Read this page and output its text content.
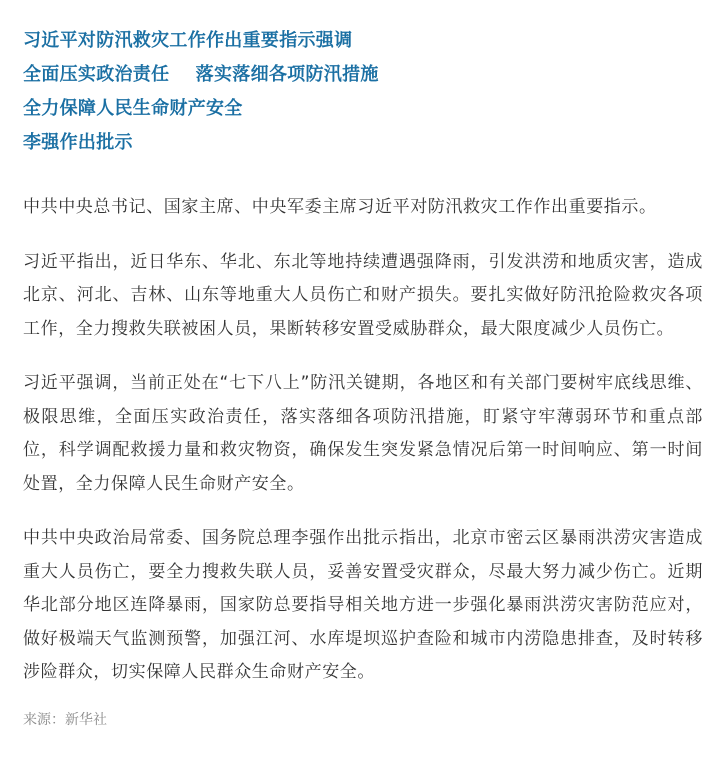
习近平对防汛救灾工作作出重要指示强调
全面压实政治责任    落实落细各项防汛措施
全力保障人民生命财产安全
李强作出批示

中共中央总书记、国家主席、中央军委主席习近平对防汛救灾工作作出重要指示。

习近平指出，近日华东、华北、东北等地持续遭遇强降雨，引发洪涝和地质灾害，造成北京、河北、吉林、山东等地重大人员伤亡和财产损失。要扎实做好防汛抢险救灾各项工作，全力搜救失联被困人员，果断转移安置受威胁群众，最大限度减少人员伤亡。

习近平强调，当前正处在“七下八上”防汛关键期，各地区和有关部门要树牢底线思维、极限思维，全面压实政治责任，落实落细各项防汛措施，盯紧守牢薄弱环节和重点部位，科学调配救援力量和救灾物资，确保发生突发紧急情况后第一时间响应、第一时间处置，全力保障人民生命财产安全。

中共中央政治局常委、国务院总理李强作出批示指出，北京市密云区暴雨洪涝灾害造成重大人员伤亡，要全力搜救失联人员，妥善安置受灾群众，尽最大努力减少伤亡。近期华北部分地区连降暴雨，国家防总要指导相关地方进一步强化暴雨洪涝灾害防范应对，做好极端天气监测预警，加强江河、水库堤坝巡护查险和城市内涝隐患排查，及时转移涉险群众，切实保障人民群众生命财产安全。

来源：新华社
